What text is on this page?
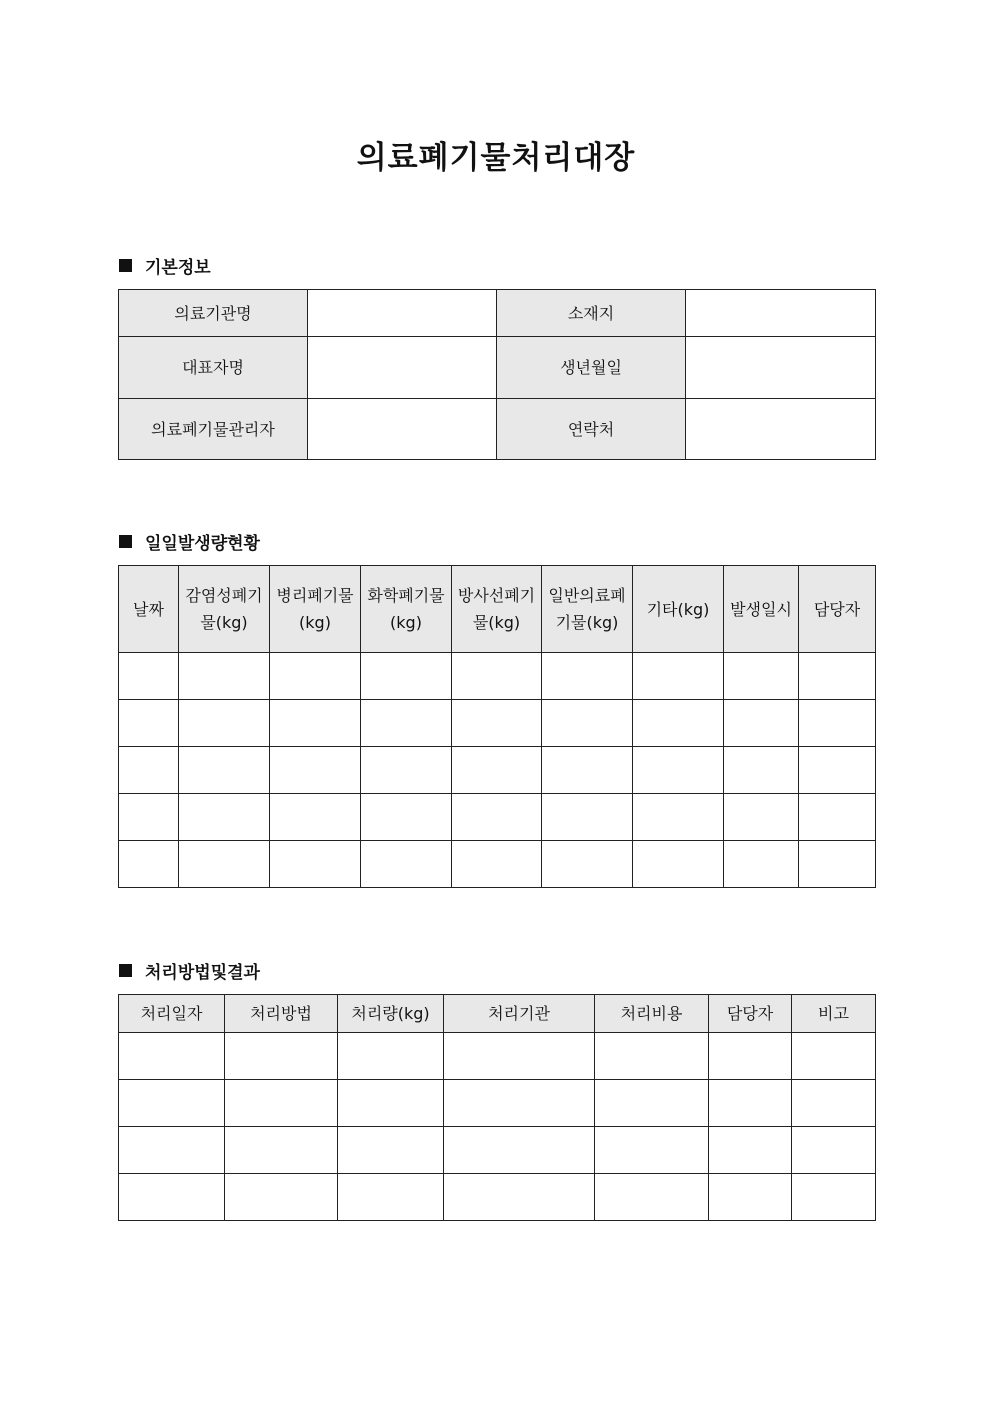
의료폐기물처리대장
기본정보
의료기관명		소재지	
대표자명		생년월일	
의료폐기물관리자		연락처	
일일발생량현황
날짜	감염성폐기물(kg)	병리폐기물(kg)	화학폐기물(kg)	방사선폐기물(kg)	일반의료폐기물(kg)	기타(kg)	발생일시	담당자

처리방법및결과
처리일자	처리방법	처리량(kg)	처리기관	처리비용	담당자	비고
